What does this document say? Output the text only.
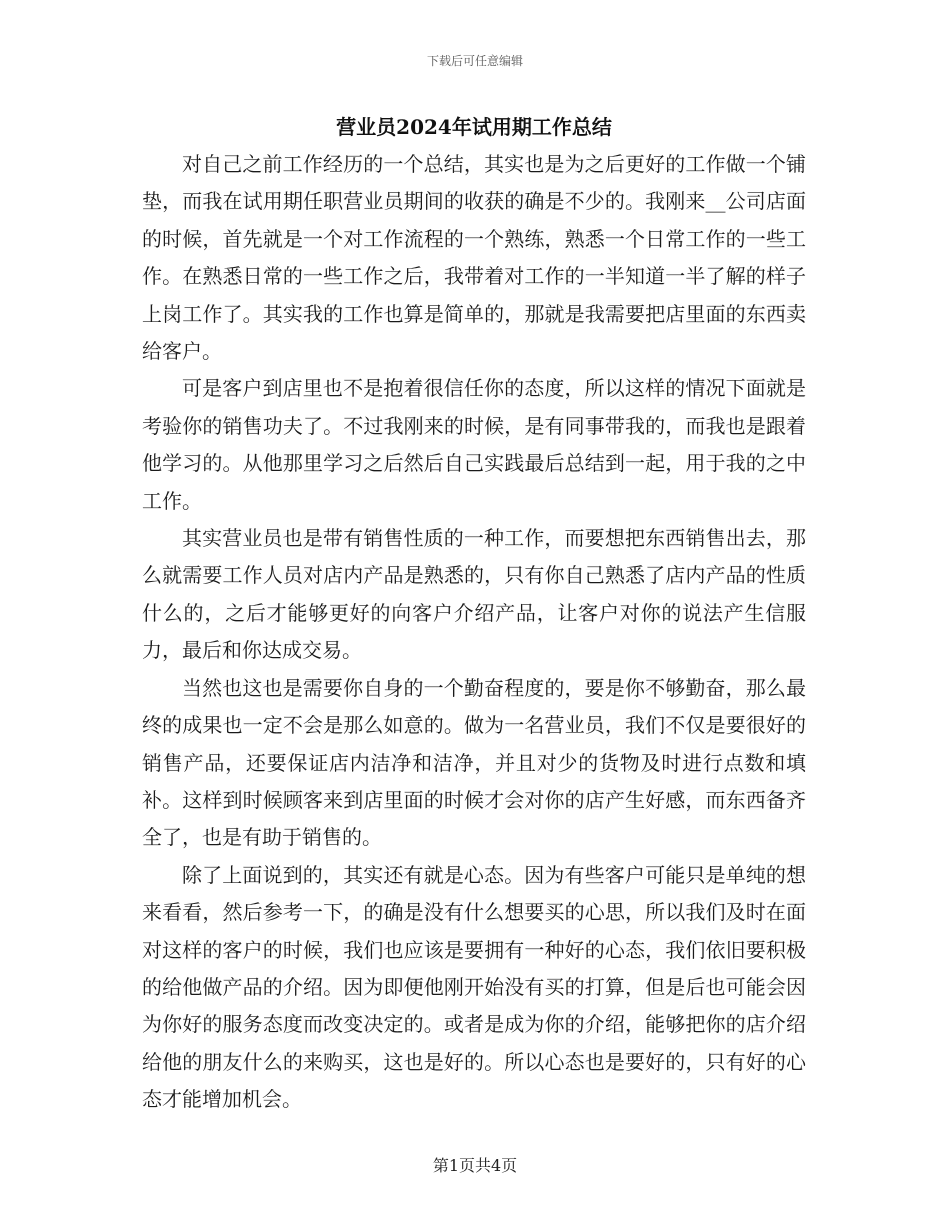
下载后可任意编辑
营业员2024年试用期工作总结

对自己之前工作经历的一个总结，其实也是为之后更好的工作做一个铺垫，而我在试用期任职营业员期间的收获的确是不少的。我刚来__公司店面的时候，首先就是一个对工作流程的一个熟练，熟悉一个日常工作的一些工作。在熟悉日常的一些工作之后，我带着对工作的一半知道一半了解的样子上岗工作了。其实我的工作也算是简单的，那就是我需要把店里面的东西卖给客户。

可是客户到店里也不是抱着很信任你的态度，所以这样的情况下面就是考验你的销售功夫了。不过我刚来的时候，是有同事带我的，而我也是跟着他学习的。从他那里学习之后然后自己实践最后总结到一起，用于我的之中工作。

其实营业员也是带有销售性质的一种工作，而要想把东西销售出去，那么就需要工作人员对店内产品是熟悉的，只有你自己熟悉了店内产品的性质什么的，之后才能够更好的向客户介绍产品，让客户对你的说法产生信服力，最后和你达成交易。

当然也这也是需要你自身的一个勤奋程度的，要是你不够勤奋，那么最终的成果也一定不会是那么如意的。做为一名营业员，我们不仅是要很好的销售产品，还要保证店内洁净和洁净，并且对少的货物及时进行点数和填补。这样到时候顾客来到店里面的时候才会对你的店产生好感，而东西备齐全了，也是有助于销售的。

除了上面说到的，其实还有就是心态。因为有些客户可能只是单纯的想来看看，然后参考一下，的确是没有什么想要买的心思，所以我们及时在面对这样的客户的时候，我们也应该是要拥有一种好的心态，我们依旧要积极的给他做产品的介绍。因为即便他刚开始没有买的打算，但是后也可能会因为你好的服务态度而改变决定的。或者是成为你的介绍，能够把你的店介绍给他的朋友什么的来购买，这也是好的。所以心态也是要好的，只有好的心态才能增加机会。

第1页共4页
